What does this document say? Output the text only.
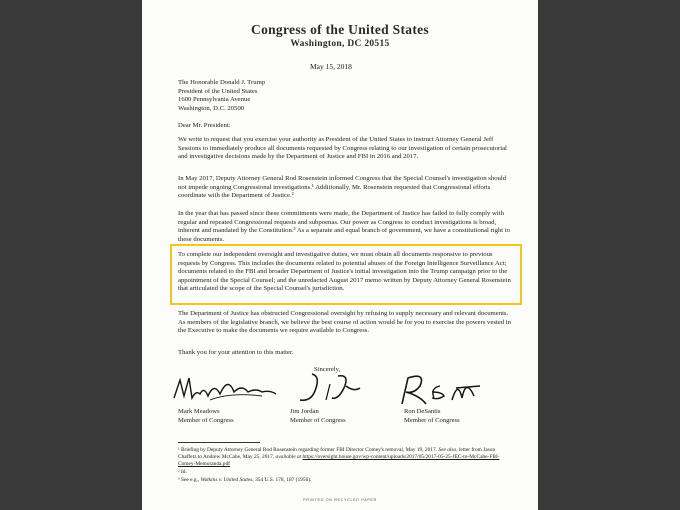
Congress of the United States
Washington, DC 20515
May 15, 2018
The Honorable Donald J. Trump
President of the United States
1600 Pennsylvania Avenue
Washington, D.C. 20500
Dear Mr. President:
We write to request that you exercise your authority as President of the United States to instruct Attorney General Jeff Sessions to immediately produce all documents requested by Congress relating to our investigation of certain prosecutorial and investigative decisions made by the Department of Justice and FBI in 2016 and 2017.
In May 2017, Deputy Attorney General Rod Rosenstein informed Congress that the Special Counsel's investigation should not impede ongoing Congressional investigations.¹ Additionally, Mr. Rosenstein requested that Congressional efforts coordinate with the Department of Justice.²
In the year that has passed since these commitments were made, the Department of Justice has failed to fully comply with regular and repeated Congressional requests and subpoenas. Our power as Congress to conduct investigations is broad, inherent and mandated by the Constitution.³ As a separate and equal branch of government, we have a constitutional right to these documents.
To complete our independent oversight and investigative duties, we must obtain all documents responsive to previous requests by Congress. This includes the documents related to potential abuses of the Foreign Intelligence Surveillance Act; documents related to the FBI and broader Department of Justice's initial investigation into the Trump campaign prior to the appointment of the Special Counsel; and the unredacted August 2017 memo written by Deputy Attorney General Rosenstein that articulated the scope of the Special Counsel's jurisdiction.
The Department of Justice has obstructed Congressional oversight by refusing to supply necessary and relevant documents. As members of the legislative branch, we believe the best course of action would be for you to exercise the powers vested in the Executive to make the documents we require available to Congress.
Thank you for your attention to this matter.
Sincerely,
Mark Meadows
Member of Congress
Jim Jordan
Member of Congress
Ron DeSantis
Member of Congress
¹ Briefing by Deputy Attorney General Rod Rosenstein regarding former FBI Director Comey's removal, May 19, 2017. See also, letter from Jason Chaffetz to Andrew McCabe, May 25, 2017, available at https://oversight.house.gov/wp-content/uploads/2017/05/2017-05-25-JEC-to-McCabe-FBI-Comey-Memoranda.pdf
² Id.
³ See e.g., Watkins v. United States, 354 U.S. 178, 187 (1956).
PRINTED ON RECYCLED PAPER
